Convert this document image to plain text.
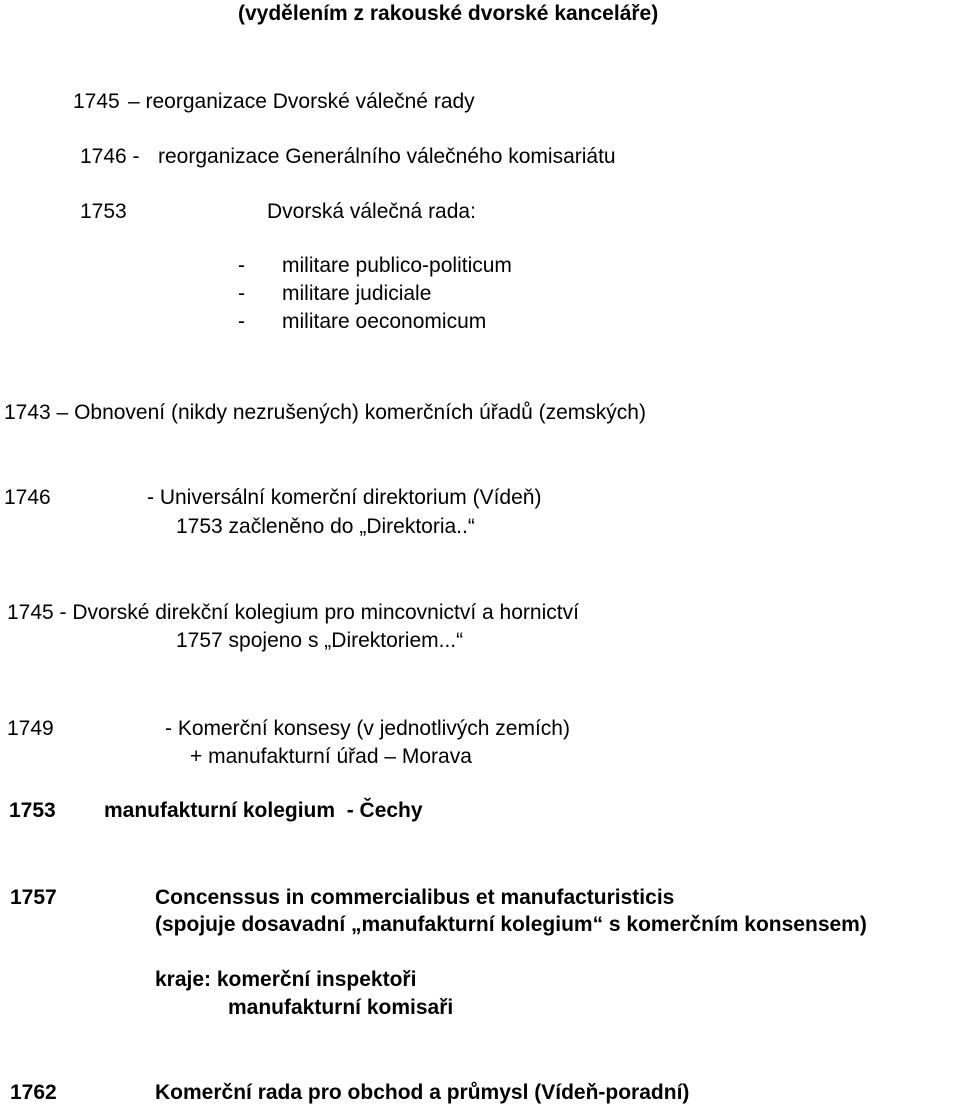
(vydělením z rakouské dvorské kanceláře)
1745 – reorganizace Dvorské válečné rady
1746 - reorganizace Generálního válečného komisariátu
1753	Dvorská válečná rada:
- militare publico-politicum
- militare judiciale
- militare oeconomicum
1743 – Obnovení (nikdy nezrušených) komerčních úřadů (zemských)
1746	- Universální komerční direktorium (Vídeň)
1753 začleněno do „Direktoria..“
1745 - Dvorské direkční kolegium pro mincovnictví a hornictví
1757 spojeno s „Direktoriem...“
1749	- Komerční konsesy (v jednotlivých zemích)
+ manufakturní úřad – Morava
1753 manufakturní kolegium  - Čechy
1757	Concenssus in commercialibus et manufacturisticis
(spojuje dosavadní „manufakturní kolegium“ s komerčním konsensem)
kraje: komerční inspektoři
manufakturní komisaři
1762	Komerční rada pro obchod a průmysl (Vídeň-poradní)
